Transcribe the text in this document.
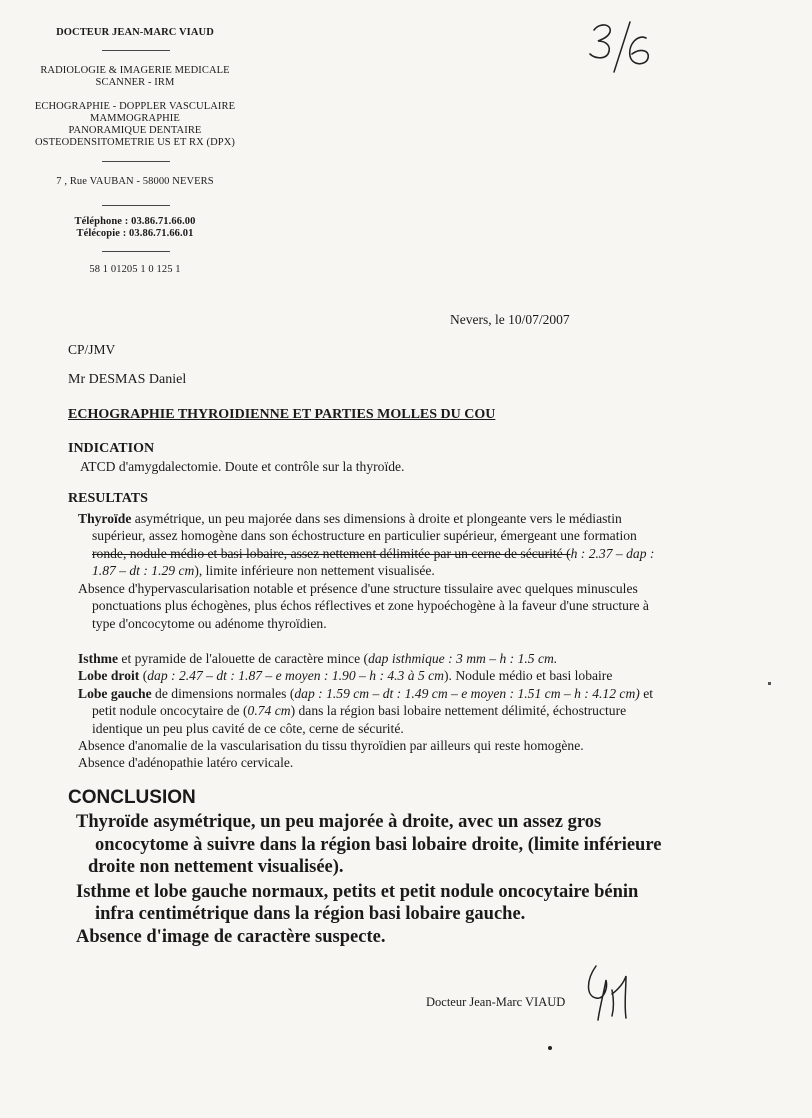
DOCTEUR JEAN-MARC VIAUD
RADIOLOGIE & IMAGERIE MEDICALE
SCANNER - IRM
ECHOGRAPHIE - DOPPLER VASCULAIRE
MAMMOGRAPHIE
PANORAMIQUE DENTAIRE
OSTEODENSITOMETRIE US ET RX (DPX)
7 , Rue VAUBAN - 58000 NEVERS
Téléphone : 03.86.71.66.00
Télécopie : 03.86.71.66.01
58 1 01205 1 0 125 1
Nevers, le 10/07/2007
CP/JMV
Mr DESMAS Daniel
ECHOGRAPHIE THYROIDIENNE ET PARTIES MOLLES DU COU
INDICATION
ATCD d'amygdalectomie. Doute et contrôle sur la thyroïde.
RESULTATS
Thyroïde asymétrique, un peu majorée dans ses dimensions à droite et plongeante vers le médiastin
supérieur, assez homogène dans son échostructure en particulier supérieur, émergeant une formation
ronde, nodule médio et basi lobaire, assez nettement délimitée par un cerne de sécurité (h : 2.37 – dap :
1.87 – dt : 1.29 cm), limite inférieure non nettement visualisée.
Absence d'hypervascularisation notable et présence d'une structure tissulaire avec quelques minuscules
ponctuations plus échogènes, plus échos réflectives et zone hypoéchogène à la faveur d'une structure à
type d'oncocytome ou adénome thyroïdien.
Isthme et pyramide de l'alouette de caractère mince (dap isthmique : 3 mm – h : 1.5 cm.
Lobe droit (dap : 2.47 – dt : 1.87 – e moyen : 1.90 – h : 4.3 à 5 cm). Nodule médio et basi lobaire
Lobe gauche de dimensions normales (dap : 1.59 cm – dt : 1.49 cm – e moyen : 1.51 cm – h : 4.12 cm) et
petit nodule oncocytaire de (0.74 cm) dans la région basi lobaire nettement délimité, échostructure
identique un peu plus cavité de ce côte, cerne de sécurité.
Absence d'anomalie de la vascularisation du tissu thyroïdien par ailleurs qui reste homogène.
Absence d'adénopathie latéro cervicale.
CONCLUSION
Thyroïde asymétrique, un peu majorée à droite, avec un assez gros
oncocytome à suivre dans la région basi lobaire droite, (limite inférieure
droite non nettement visualisée).
Isthme et lobe gauche normaux, petits et petit nodule oncocytaire bénin
infra centimétrique dans la région basi lobaire gauche.
Absence d'image de caractère suspecte.
Docteur Jean-Marc VIAUD
